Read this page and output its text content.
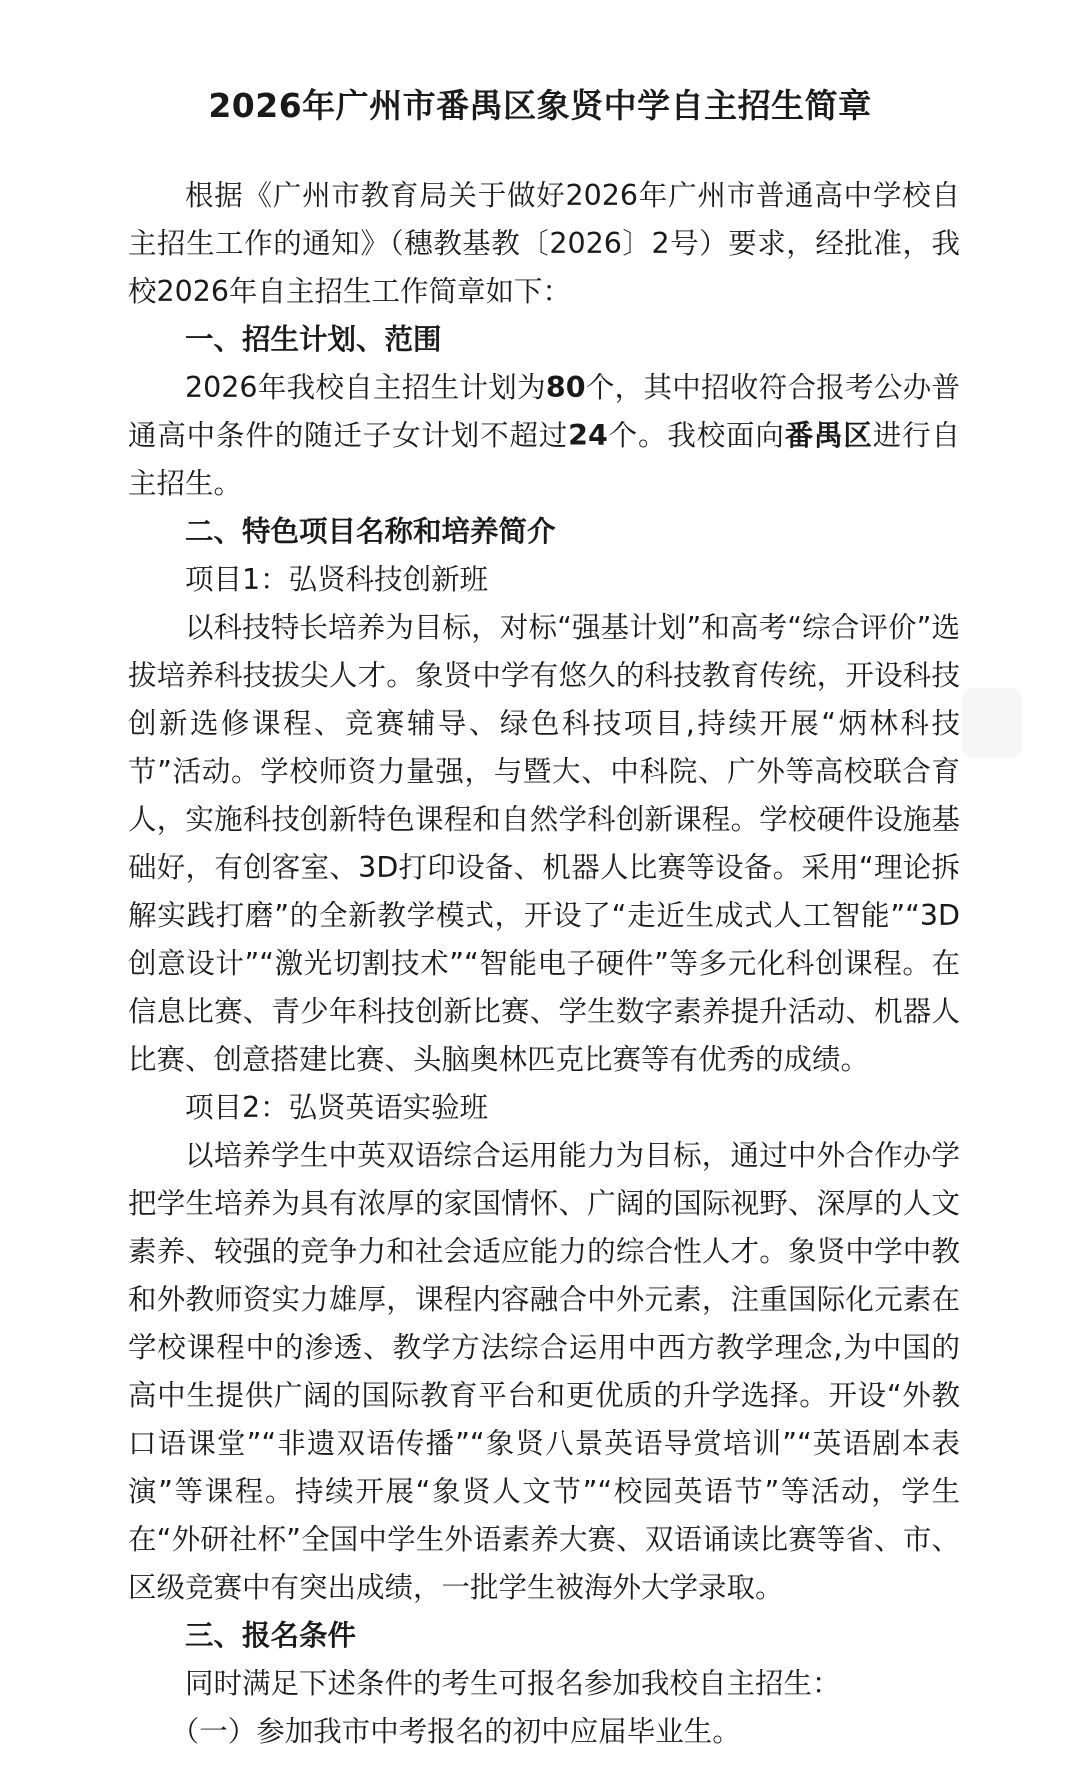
2026年广州市番禺区象贤中学自主招生简章

根据《广州市教育局关于做好2026年广州市普通高中学校自主招生工作的通知》（穗教基教〔2026〕2号）要求，经批准，我校2026年自主招生工作简章如下：

一、招生计划、范围

2026年我校自主招生计划为80个，其中招收符合报考公办普通高中条件的随迁子女计划不超过24个。我校面向番禺区进行自主招生。

二、特色项目名称和培养简介

项目1：弘贤科技创新班

以科技特长培养为目标，对标“强基计划”和高考“综合评价”选拔培养科技拔尖人才。象贤中学有悠久的科技教育传统，开设科技创新选修课程、竞赛辅导、绿色科技项目,持续开展“炳林科技节”活动。学校师资力量强，与暨大、中科院、广外等高校联合育人，实施科技创新特色课程和自然学科创新课程。学校硬件设施基础好，有创客室、3D打印设备、机器人比赛等设备。采用“理论拆解实践打磨”的全新教学模式，开设了“走近生成式人工智能”“3D创意设计”“激光切割技术”“智能电子硬件”等多元化科创课程。在信息比赛、青少年科技创新比赛、学生数字素养提升活动、机器人比赛、创意搭建比赛、头脑奥林匹克比赛等有优秀的成绩。

项目2：弘贤英语实验班

以培养学生中英双语综合运用能力为目标，通过中外合作办学把学生培养为具有浓厚的家国情怀、广阔的国际视野、深厚的人文素养、较强的竞争力和社会适应能力的综合性人才。象贤中学中教和外教师资实力雄厚，课程内容融合中外元素，注重国际化元素在学校课程中的渗透、教学方法综合运用中西方教学理念,为中国的高中生提供广阔的国际教育平台和更优质的升学选择。开设“外教口语课堂”“非遗双语传播”“象贤八景英语导赏培训”“英语剧本表演”等课程。持续开展“象贤人文节”“校园英语节”等活动，学生在“外研社杯”全国中学生外语素养大赛、双语诵读比赛等省、市、区级竞赛中有突出成绩，一批学生被海外大学录取。

三、报名条件

同时满足下述条件的考生可报名参加我校自主招生：

（一）参加我市中考报名的初中应届毕业生。
